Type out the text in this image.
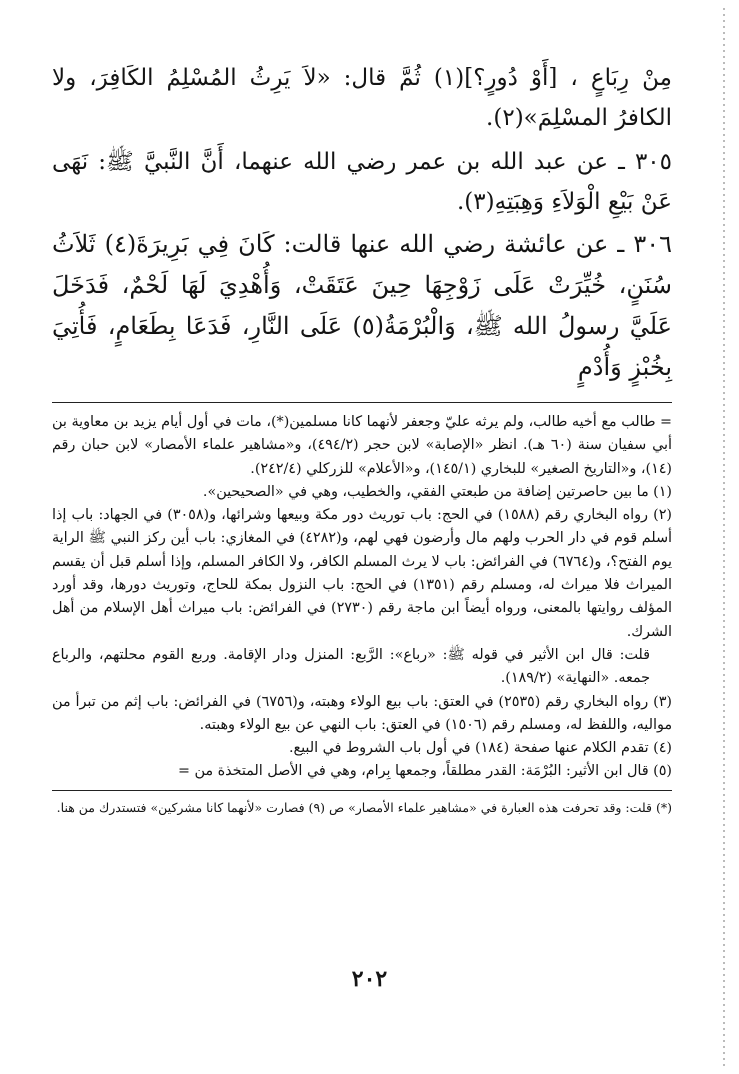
مِنْ رِبَاعٍ ، [أَوْ دُورٍ؟](١) ثُمَّ قال: «لاَ يَرِثُ المُسْلِمُ الكَافِرَ، ولا الكافرُ المسْلِمَ»(٢).

٣٠٥ ـ عن عبد الله بن عمر رضي الله عنهما، أَنَّ النَّبيَّ ﷺ: نَهَى عَنْ بَيْعِ الْوَلاَءِ وَهِبَتِهِ(٣).

٣٠٦ ـ عن عائشة رضي الله عنها قالت: كَانَ فِي بَرِيرَةَ(٤) ثَلاَثُ سُنَنٍ، خُيِّرَتْ عَلَى زَوْجِهَا حِينَ عَتَقَتْ، وَأُهْدِيَ لَهَا لَحْمٌ، فَدَخَلَ عَلَيَّ رسولُ الله ﷺ، وَالْبُرْمَةُ(٥) عَلَى النَّارِ، فَدَعَا بِطَعَامٍ، فَأُتِيَ بِخُبْزٍ وَأُدْمٍ

= طالب مع أخيه طالب، ولم يرثه عليّ وجعفر لأنهما كانا مسلمين(*)، مات في أول أيام يزيد بن معاوية بن أبي سفيان سنة (٦٠ هـ). انظر «الإصابة» لابن حجر (٤٩٤/٢)، و«مشاهير علماء الأمصار» لابن حبان رقم (١٤)، و«التاريخ الصغير» للبخاري (١٤٥/١)، و«الأعلام» للزركلي (٢٤٢/٤).

(١) ما بين حاصرتين إضافة من طبعتي الفقي، والخطيب، وهي في «الصحيحين».

(٢) رواه البخاري رقم (١٥٨٨) في الحج: باب توريث دور مكة وبيعها وشرائها، و(٣٠٥٨) في الجهاد: باب إذا أسلم قوم في دار الحرب ولهم مال وأرضون فهي لهم، و(٤٢٨٢) في المغازي: باب أين ركز النبي ﷺ الراية يوم الفتح؟، و(٦٧٦٤) في الفرائض: باب لا يرث المسلم الكافر، ولا الكافر المسلم، وإذا أسلم قبل أن يقسم الميراث فلا ميراث له، ومسلم رقم (١٣٥١) في الحج: باب النزول بمكة للحاج، وتوريث دورها، وقد أورد المؤلف روايتها بالمعنى، ورواه أيضاً ابن ماجة رقم (٢٧٣٠) في الفرائض: باب ميراث أهل الإسلام من أهل الشرك.

قلت: قال ابن الأثير في قوله ﷺ: «رباع»: الرَّبع: المنزل ودار الإقامة. وربع القوم محلتهم، والرباع جمعه. «النهاية» (١٨٩/٢).

(٣) رواه البخاري رقم (٢٥٣٥) في العتق: باب بيع الولاء وهبته، و(٦٧٥٦) في الفرائض: باب إثم من تبرأ من مواليه، واللفظ له، ومسلم رقم (١٥٠٦) في العتق: باب النهي عن بيع الولاء وهبته.

(٤) تقدم الكلام عنها صفحة (١٨٤) في أول باب الشروط في البيع.

(٥) قال ابن الأثير: البُرْمَة: القدر مطلقاً، وجمعها بِرام، وهي في الأصل المتخذة من =

(*) قلت: وقد تحرفت هذه العبارة في «مشاهير علماء الأمصار» ص (٩) فصارت «لأنهما كانا مشركين» فتستدرك من هنا.

٢٠٢
